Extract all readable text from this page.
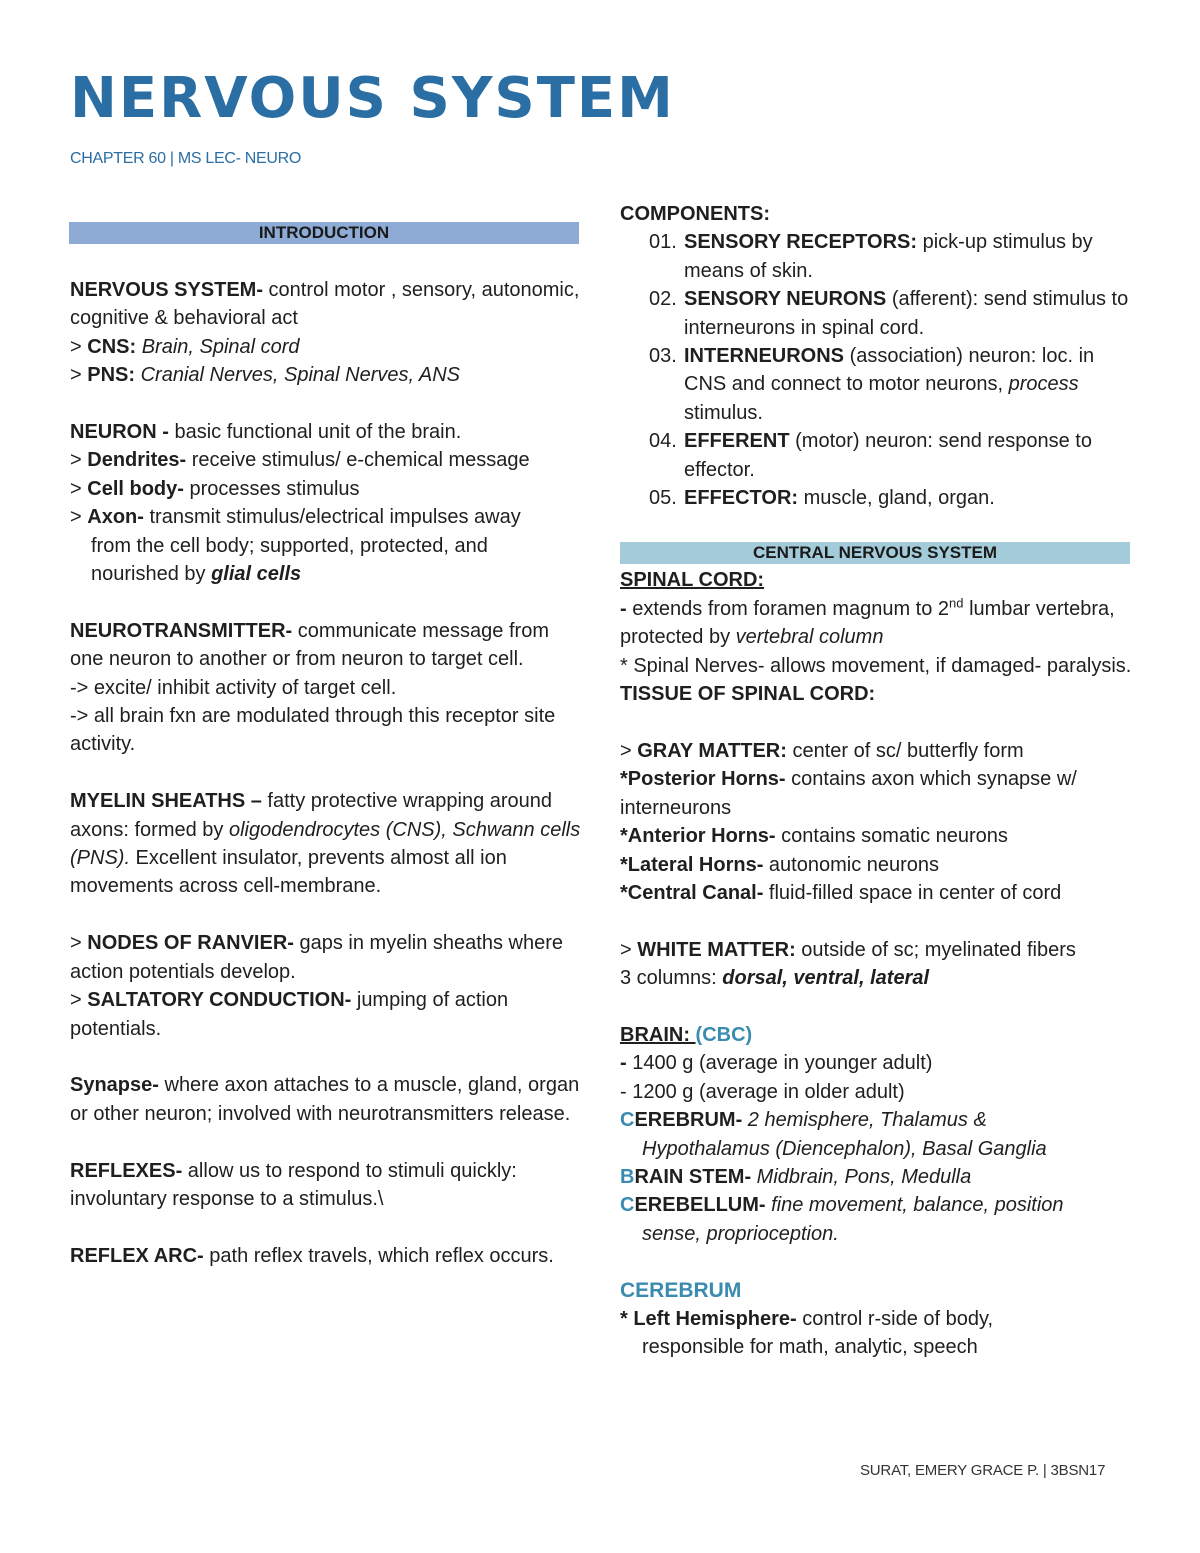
NERVOUS SYSTEM
CHAPTER 60 | MS LEC- NEURO
INTRODUCTION

NERVOUS SYSTEM- control motor , sensory, autonomic, cognitive & behavioral act

> CNS: Brain, Spinal cord

> PNS: Cranial Nerves, Spinal Nerves, ANS

NEURON - basic functional unit of the brain.

> Dendrites- receive stimulus/ e-chemical message

> Cell body- processes stimulus

> Axon- transmit stimulus/electrical impulses away

from the cell body; supported, protected, and

nourished by glial cells

NEUROTRANSMITTER- communicate message from one neuron to another or from neuron to target cell.

-> excite/ inhibit activity of target cell.

-> all brain fxn are modulated through this receptor site activity.

MYELIN SHEATHS – fatty protective wrapping around axons: formed by oligodendrocytes (CNS), Schwann cells (PNS). Excellent insulator, prevents almost all ion movements across cell-membrane.

> NODES OF RANVIER- gaps in myelin sheaths where action potentials develop.

> SALTATORY CONDUCTION- jumping of action potentials.

Synapse- where axon attaches to a muscle, gland, organ or other neuron; involved with neurotransmitters release.

REFLEXES- allow us to respond to stimuli quickly: involuntary response to a stimulus.\

REFLEX ARC- path reflex travels, which reflex occurs.

COMPONENTS:

01. SENSORY RECEPTORS: pick-up stimulus by means of skin.
02. SENSORY NEURONS (afferent): send stimulus to interneurons in spinal cord.
03. INTERNEURONS (association) neuron: loc. in CNS and connect to motor neurons, process stimulus.
04. EFFERENT (motor) neuron: send response to effector.
05. EFFECTOR: muscle, gland, organ.
CENTRAL NERVOUS SYSTEM

SPINAL CORD:

- extends from foramen magnum to 2nd lumbar vertebra, protected by vertebral column

* Spinal Nerves- allows movement, if damaged- paralysis.

TISSUE OF SPINAL CORD:

> GRAY MATTER: center of sc/ butterfly form

*Posterior Horns- contains axon which synapse w/ interneurons

*Anterior Horns- contains somatic neurons

*Lateral Horns- autonomic neurons

*Central Canal- fluid-filled space in center of cord

> WHITE MATTER: outside of sc; myelinated fibers

3 columns: dorsal, ventral, lateral

BRAIN: (CBC)

- 1400 g (average in younger adult)

- 1200 g (average in older adult)

CEREBRUM- 2 hemisphere, Thalamus &

Hypothalamus (Diencephalon), Basal Ganglia

BRAIN STEM- Midbrain, Pons, Medulla

CEREBELLUM- fine movement, balance, position

sense, proprioception.

CEREBRUM

* Left Hemisphere- control r-side of body,

responsible for math, analytic, speech

SURAT, EMERY GRACE P. | 3BSN17
